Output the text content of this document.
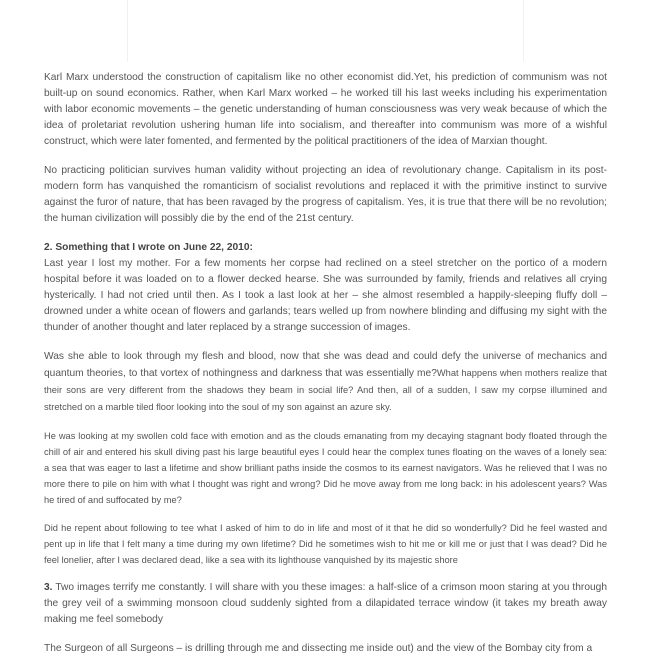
Karl Marx understood the construction of capitalism like no other economist did.Yet, his prediction of communism was not built-up on sound economics. Rather, when Karl Marx worked – he worked till his last weeks including his experimentation with labor economic movements – the genetic understanding of human consciousness was very weak because of which the idea of proletariat revolution ushering human life into socialism, and thereafter into communism was more of a wishful construct, which were later fomented, and fermented by the political practitioners of the idea of Marxian thought.

No practicing politician survives human validity without projecting an idea of revolutionary change. Capitalism in its post-modern form has vanquished the romanticism of socialist revolutions and replaced it with the primitive instinct to survive against the furor of nature, that has been ravaged by the progress of capitalism. Yes, it is true that there will be no revolution; the human civilization will possibly die by the end of the 21st century.

2. Something that I wrote on June 22, 2010:

Last year I lost my mother. For a few moments her corpse had reclined on a steel stretcher on the portico of a modern hospital before it was loaded on to a flower decked hearse. She was surrounded by family, friends and relatives all crying hysterically. I had not cried until then. As I took a last look at her – she almost resembled a happily-sleeping fluffy doll – drowned under a white ocean of flowers and garlands; tears welled up from nowhere blinding and diffusing my sight with the thunder of another thought and later replaced by a strange succession of images.

Was she able to look through my flesh and blood, now that she was dead and could defy the universe of mechanics and quantum theories, to that vortex of nothingness and darkness that was essentially me?What happens when mothers realize that their sons are very different from the shadows they beam in social life? And then, all of a sudden, I saw my corpse illumined and stretched on a marble tiled floor looking into the soul of my son against an azure sky.

He was looking at my swollen cold face with emotion and as the clouds emanating from my decaying stagnant body floated through the chill of air and entered his skull diving past his large beautiful eyes I could hear the complex tunes floating on the waves of a lonely sea: a sea that was eager to last a lifetime and show brilliant paths inside the cosmos to its earnest navigators. Was he relieved that I was no more there to pile on him with what I thought was right and wrong? Did he move away from me long back: in his adolescent years? Was he tired of and suffocated by me?

Did he repent about following to tee what I asked of him to do in life and most of it that he did so wonderfully? Did he feel wasted and pent up in life that I felt many a time during my own lifetime? Did he sometimes wish to hit me or kill me or just that I was dead? Did he feel lonelier, after I was declared dead, like a sea with its lighthouse vanquished by its majestic shore

3. Two images terrify me constantly. I will share with you these images: a half-slice of a crimson moon staring at you through the grey veil of a swimming monsoon cloud suddenly sighted from a dilapidated terrace window (it takes my breath away making me feel somebody

The Surgeon of all Surgeons – is drilling through me and dissecting me inside out) and the view of the Bombay city from a
